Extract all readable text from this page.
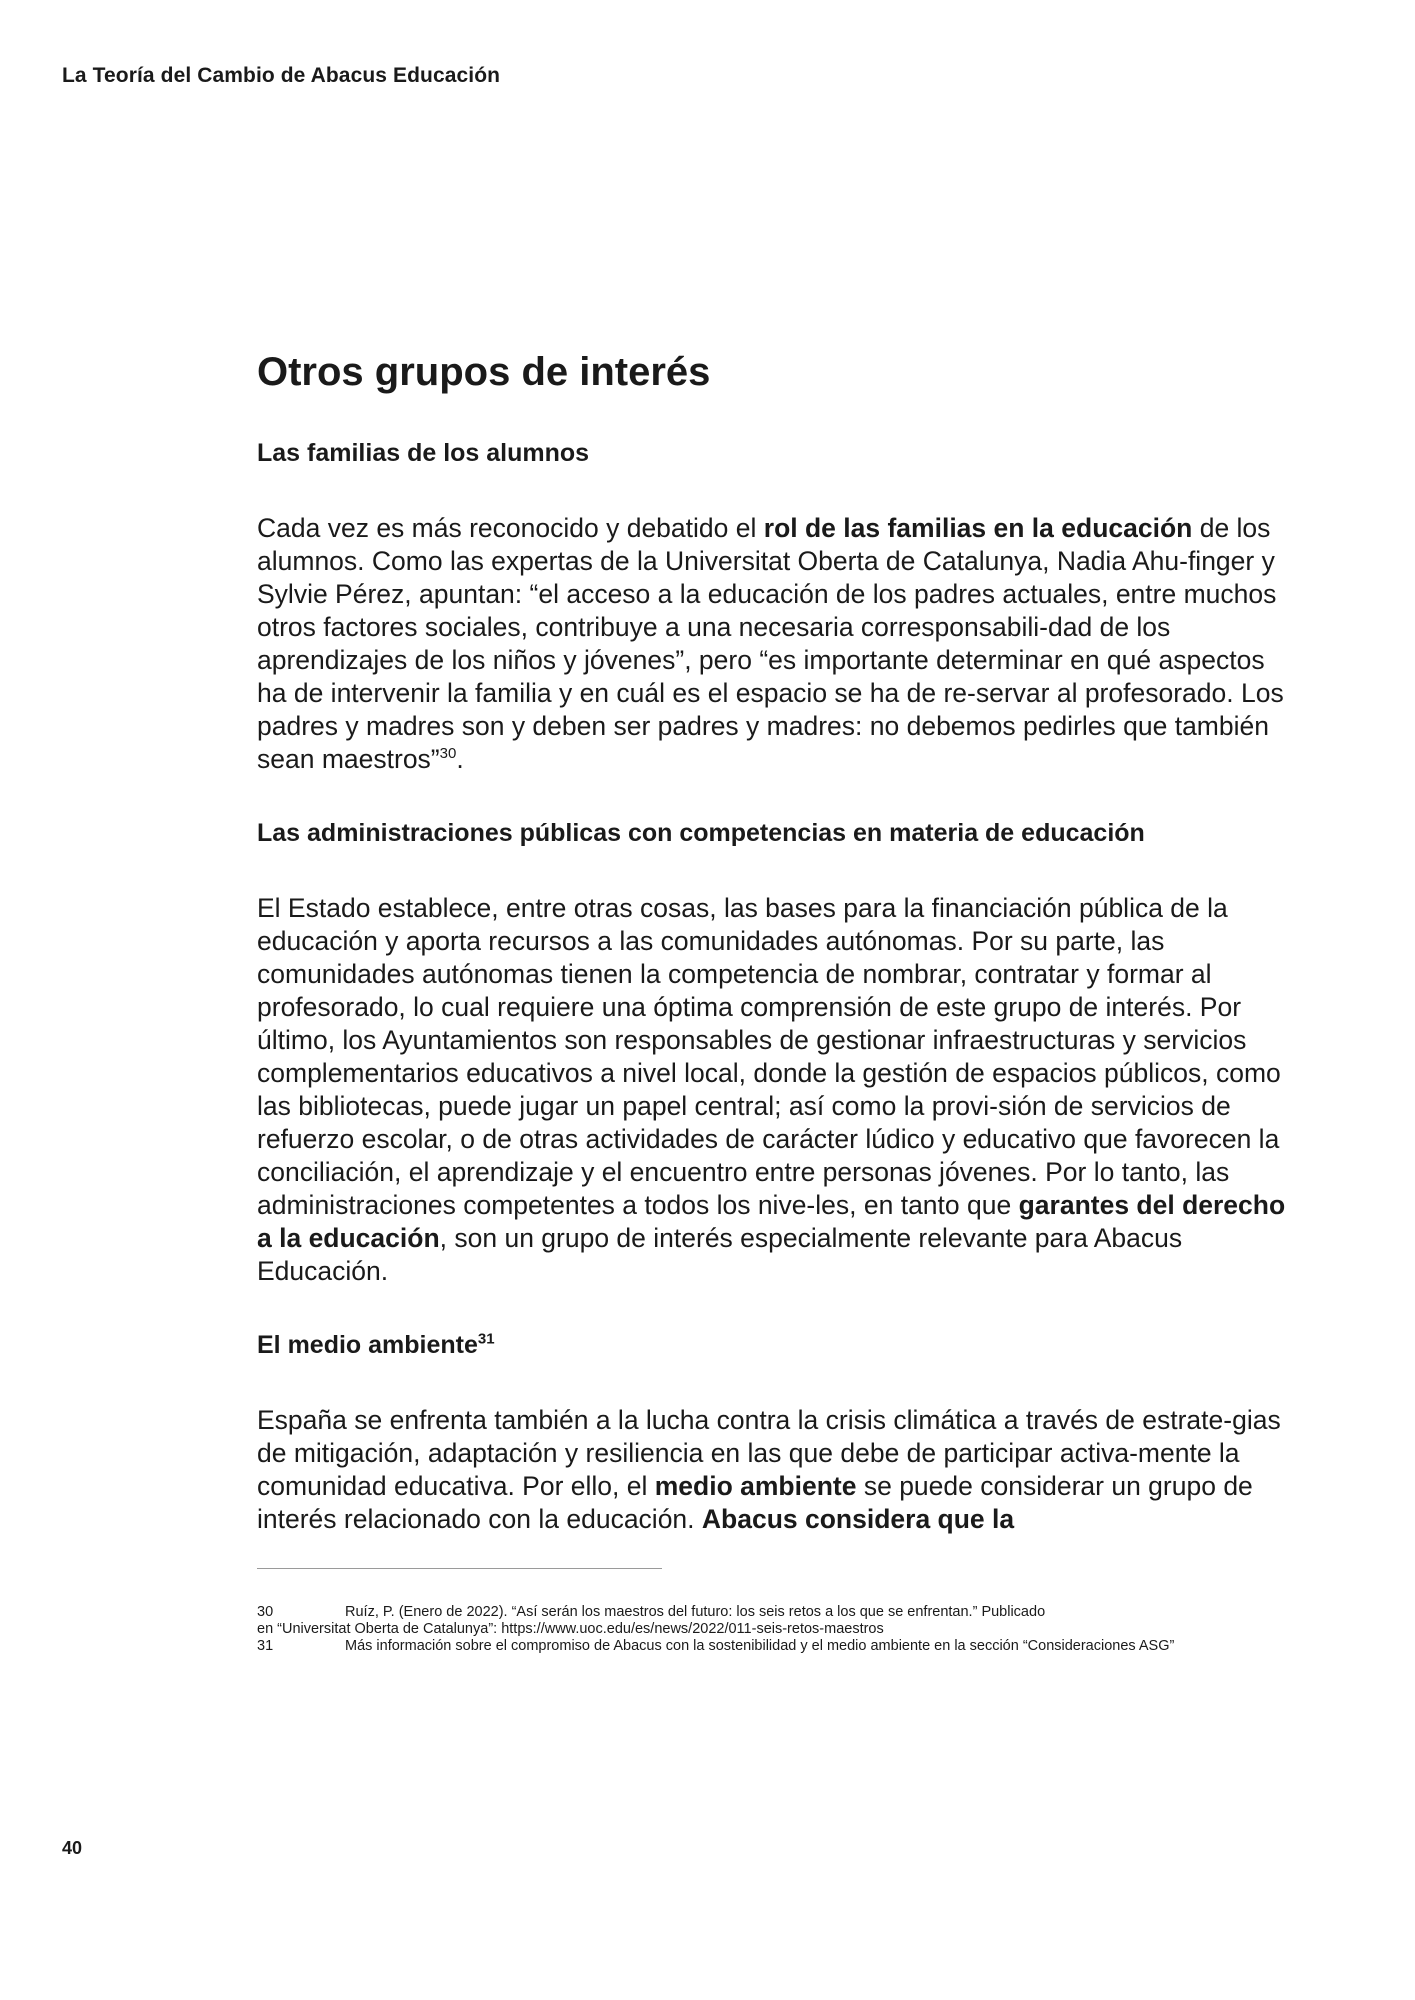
La Teoría del Cambio de Abacus Educación
Otros grupos de interés
Las familias de los alumnos

Cada vez es más reconocido y debatido el rol de las familias en la educación de los alumnos. Como las expertas de la Universitat Oberta de Catalunya, Nadia Ahu-finger y Sylvie Pérez, apuntan: “el acceso a la educación de los padres actuales, entre muchos otros factores sociales, contribuye a una necesaria corresponsabili-dad de los aprendizajes de los niños y jóvenes”, pero “es importante determinar en qué aspectos ha de intervenir la familia y en cuál es el espacio se ha de re-servar al profesorado. Los padres y madres son y deben ser padres y madres: no debemos pedirles que también sean maestros”$^{30}$.

Las administraciones públicas con competencias en materia de educación

El Estado establece, entre otras cosas, las bases para la financiación pública de la educación y aporta recursos a las comunidades autónomas. Por su parte, las comunidades autónomas tienen la competencia de nombrar, contratar y formar al profesorado, lo cual requiere una óptima comprensión de este grupo de interés. Por último, los Ayuntamientos son responsables de gestionar infraestructuras y servicios complementarios educativos a nivel local, donde la gestión de espacios públicos, como las bibliotecas, puede jugar un papel central; así como la provi-sión de servicios de refuerzo escolar, o de otras actividades de carácter lúdico y educativo que favorecen la conciliación, el aprendizaje y el encuentro entre personas jóvenes. Por lo tanto, las administraciones competentes a todos los nive-les, en tanto que garantes del derecho a la educación, son un grupo de interés especialmente relevante para Abacus Educación.

El medio ambiente$^{31}$

España se enfrenta también a la lucha contra la crisis climática a través de estrate-gias de mitigación, adaptación y resiliencia en las que debe de participar activa-mente la comunidad educativa. Por ello, el medio ambiente se puede considerar un grupo de interés relacionado con la educación. Abacus considera que la

30	Ruíz, P. (Enero de 2022). “Así serán los maestros del futuro: los seis retos a los que se enfrentan.” Publicado
en “Universitat Oberta de Catalunya”: https://www.uoc.edu/es/news/2022/011-seis-retos-maestros
31	Más información sobre el compromiso de Abacus con la sostenibilidad y el medio ambiente en la sección “Consideraciones ASG”
40
